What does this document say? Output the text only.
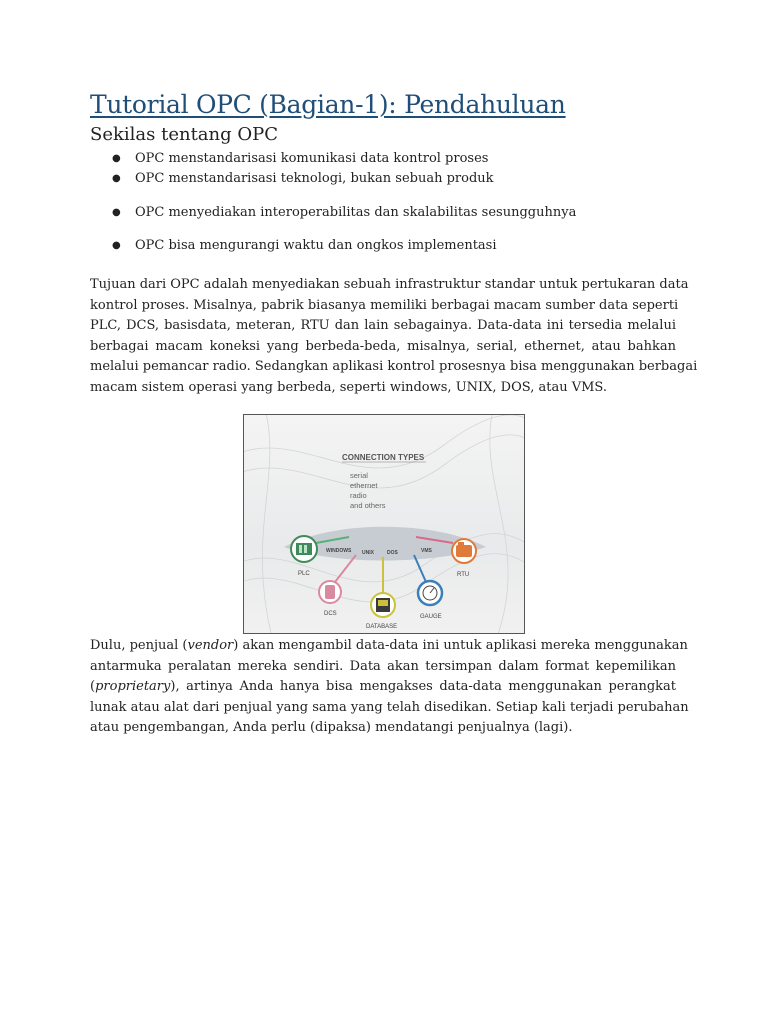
Tutorial OPC (Bagian-1): Pendahuluan
Sekilas tentang OPC
● OPC menstandarisasi komunikasi data kontrol proses
● OPC menstandarisasi teknologi, bukan sebuah produk
● OPC menyediakan interoperabilitas dan skalabilitas sesungguhnya
● OPC bisa mengurangi waktu dan ongkos implementasi

Tujuan dari OPC adalah menyediakan sebuah infrastruktur standar untuk pertukaran data
kontrol proses. Misalnya, pabrik biasanya memiliki berbagai macam sumber data seperti
PLC, DCS, basisdata, meteran, RTU dan lain sebagainya. Data-data ini tersedia melalui
berbagai macam koneksi yang berbeda-beda, misalnya, serial, ethernet, atau bahkan
melalui pemancar radio. Sedangkan aplikasi kontrol prosesnya bisa menggunakan berbagai
macam sistem operasi yang berbeda, seperti windows, UNIX, DOS, atau VMS.

CONNECTION TYPES
serial
ethernet
radio
and others
WINDOWS UNIX	DOS	VMS
PLC
DCS
DATABASE
GAUGE
RTU

Dulu, penjual (vendor) akan mengambil data-data ini untuk aplikasi mereka menggunakan
antarmuka peralatan mereka sendiri. Data akan tersimpan dalam format kepemilikan
(proprietary), artinya Anda hanya bisa mengakses data-data menggunakan perangkat
lunak atau alat dari penjual yang sama yang telah disedikan. Setiap kali terjadi perubahan
atau pengembangan, Anda perlu (dipaksa) mendatangi penjualnya (lagi).
